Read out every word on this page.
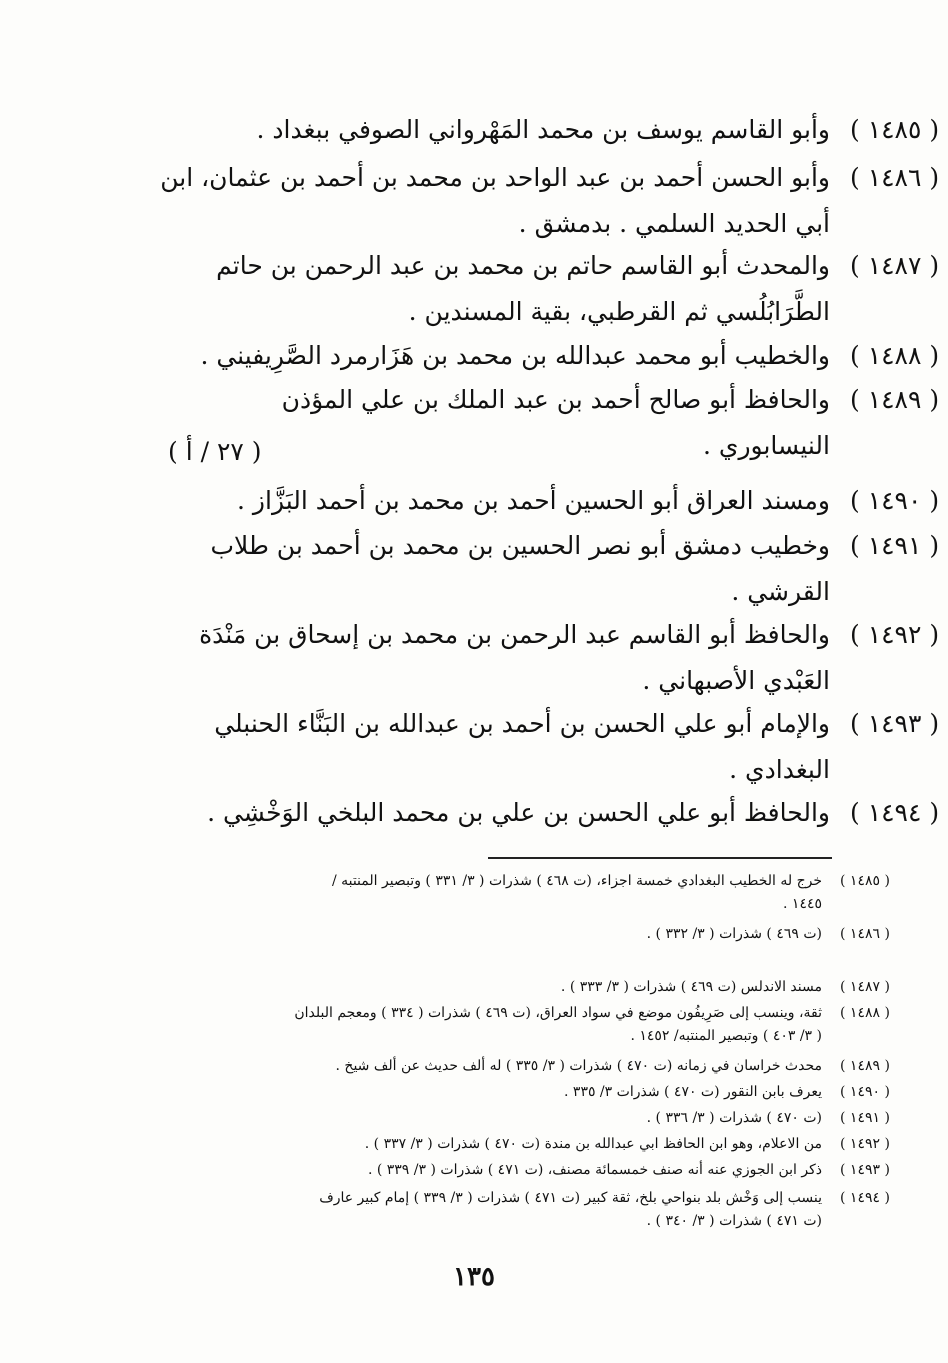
( ١٤٨٥ )
وأبو القاسم يوسف بن محمد المَهْرواني الصوفي ببغداد .
( ١٤٨٦ )
وأبو الحسن أحمد بن عبد الواحد بن محمد بن أحمد بن عثمان، ابن
أبي الحديد السلمي . بدمشق .
( ١٤٨٧ )
والمحدث أبو القاسم حاتم بن محمد بن عبد الرحمن بن حاتم
الطَّرَابُلُسي ثم القرطبي، بقية المسندين .
( ١٤٨٨ )
والخطيب أبو محمد عبدالله بن محمد بن هَزَارمرد الصَّرِيفيني .
( ١٤٨٩ )
والحافظ أبو صالح أحمد بن عبد الملك بن علي المؤذن
النيسابوري .
( ٢٧ / أ )
( ١٤٩٠ )
ومسند العراق أبو الحسين أحمد بن محمد بن أحمد البَزَّاز .
( ١٤٩١ )
وخطيب دمشق أبو نصر الحسين بن محمد بن أحمد بن طلاب
القرشي .
( ١٤٩٢ )
والحافظ أبو القاسم عبد الرحمن بن محمد بن إسحاق بن مَنْدَة
العَبْدي الأصبهاني .
( ١٤٩٣ )
والإمام أبو علي الحسن بن أحمد بن عبدالله بن البَنَّاء الحنبلي
البغدادي .
( ١٤٩٤ )
والحافظ أبو علي الحسن بن علي بن محمد البلخي الوَخْشِي .
( ١٤٨٥ )
خرج له الخطيب البغدادي خمسة اجزاء، (ت ٤٦٨ ) شذرات ( ٣/ ٣٣١ ) وتبصير المنتبه /
١٤٤٥ .
( ١٤٨٦ )
(ت ٤٦٩ ) شذرات ( ٣/ ٣٣٢ ) .
( ١٤٨٧ )
مسند الاندلس (ت ٤٦٩ ) شذرات ( ٣/ ٣٣٣ ) .
( ١٤٨٨ )
ثقة، وينسب إلى صَرِيفُون موضع في سواد العراق، (ت ٤٦٩ ) شذرات ( ٣٣٤ ) ومعجم البلدان
( ٣/ ٤٠٣ ) وتبصير المنتبه/ ١٤٥٢ .
( ١٤٨٩ )
محدث خراسان في زمانه (ت ٤٧٠ ) شذرات ( ٣/ ٣٣٥ ) له ألف حديث عن ألف شيخ .
( ١٤٩٠ )
يعرف بابن النقور (ت ٤٧٠ ) شذرات ٣/ ٣٣٥ .
( ١٤٩١ )
(ت ٤٧٠ ) شذرات ( ٣/ ٣٣٦ ) .
( ١٤٩٢ )
من الاعلام، وهو ابن الحافظ ابي عبدالله بن مندة (ت ٤٧٠ ) شذرات ( ٣/ ٣٣٧ ) .
( ١٤٩٣ )
ذكر ابن الجوزي عنه أنه صنف خمسمائة مصنف، (ت ٤٧١ ) شذرات ( ٣/ ٣٣٩ ) .
( ١٤٩٤ )
ينسب إلى وَخْش بلد بنواحي بلخ، ثقة كبير (ت ٤٧١ ) شذرات ( ٣/ ٣٣٩ ) إمام كبير عارف
(ت ٤٧١ ) شذرات ( ٣/ ٣٤٠ ) .
١٣٥
